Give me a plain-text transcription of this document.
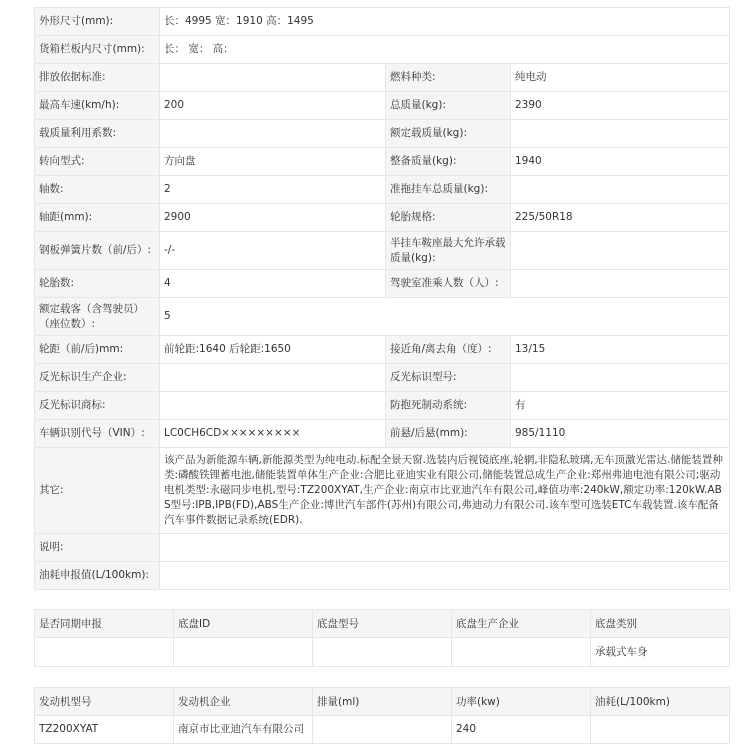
外形尺寸(mm):	长：4995 宽：1910 高：1495		
货箱栏板内尺寸(mm):	长： 宽： 高：		
排放依据标准:		燃料种类:	纯电动
最高车速(km/h):	200	总质量(kg):	2390
载质量利用系数:		额定载质量(kg):	
转向型式:	方向盘	整备质量(kg):	1940
轴数:	2	准拖挂车总质量(kg):	
轴距(mm):	2900	轮胎规格:	225/50R18
钢板弹簧片数（前/后）:	-/-	半挂车鞍座最大允许承载质量(kg):	
轮胎数:	4	驾驶室准乘人数（人）:	
额定载客（含驾驶员）（座位数）:	5		
轮距（前/后)mm:	前轮距:1640 后轮距:1650	接近角/离去角（度）:	13/15
反光标识生产企业:		反光标识型号:	
反光标识商标:		防抱死制动系统:	有
车辆识别代号（VIN）:	LC0CH6CD×××××××××	前悬/后悬(mm):	985/1110
其它:	该产品为新能源车辆,新能源类型为纯电动.标配全景天窗.选装内后视镜底座,轮辋,非隐私玻璃,无车顶激光雷达.储能装置种类:磷酸铁锂蓄电池,储能装置单体生产企业:合肥比亚迪实业有限公司,储能装置总成生产企业:郑州弗迪电池有限公司;驱动电机类型:永磁同步电机,型号:TZ200XYAT,生产企业:南京市比亚迪汽车有限公司,峰值功率:240kW,额定功率:120kW.ABS型号:IPB,IPB(FD),ABS生产企业:博世汽车部件(苏州)有限公司,弗迪动力有限公司.该车型可选装ETC车载装置.该车配备汽车事件数据记录系统(EDR).		
说明:			
油耗申报值(L/100km):			
是否同期申报	底盘ID	底盘型号	底盘生产企业	底盘类别
				承载式车身
发动机型号	发动机企业	排量(ml)	功率(kw)	油耗(L/100km)
TZ200XYAT	南京市比亚迪汽车有限公司		240	
